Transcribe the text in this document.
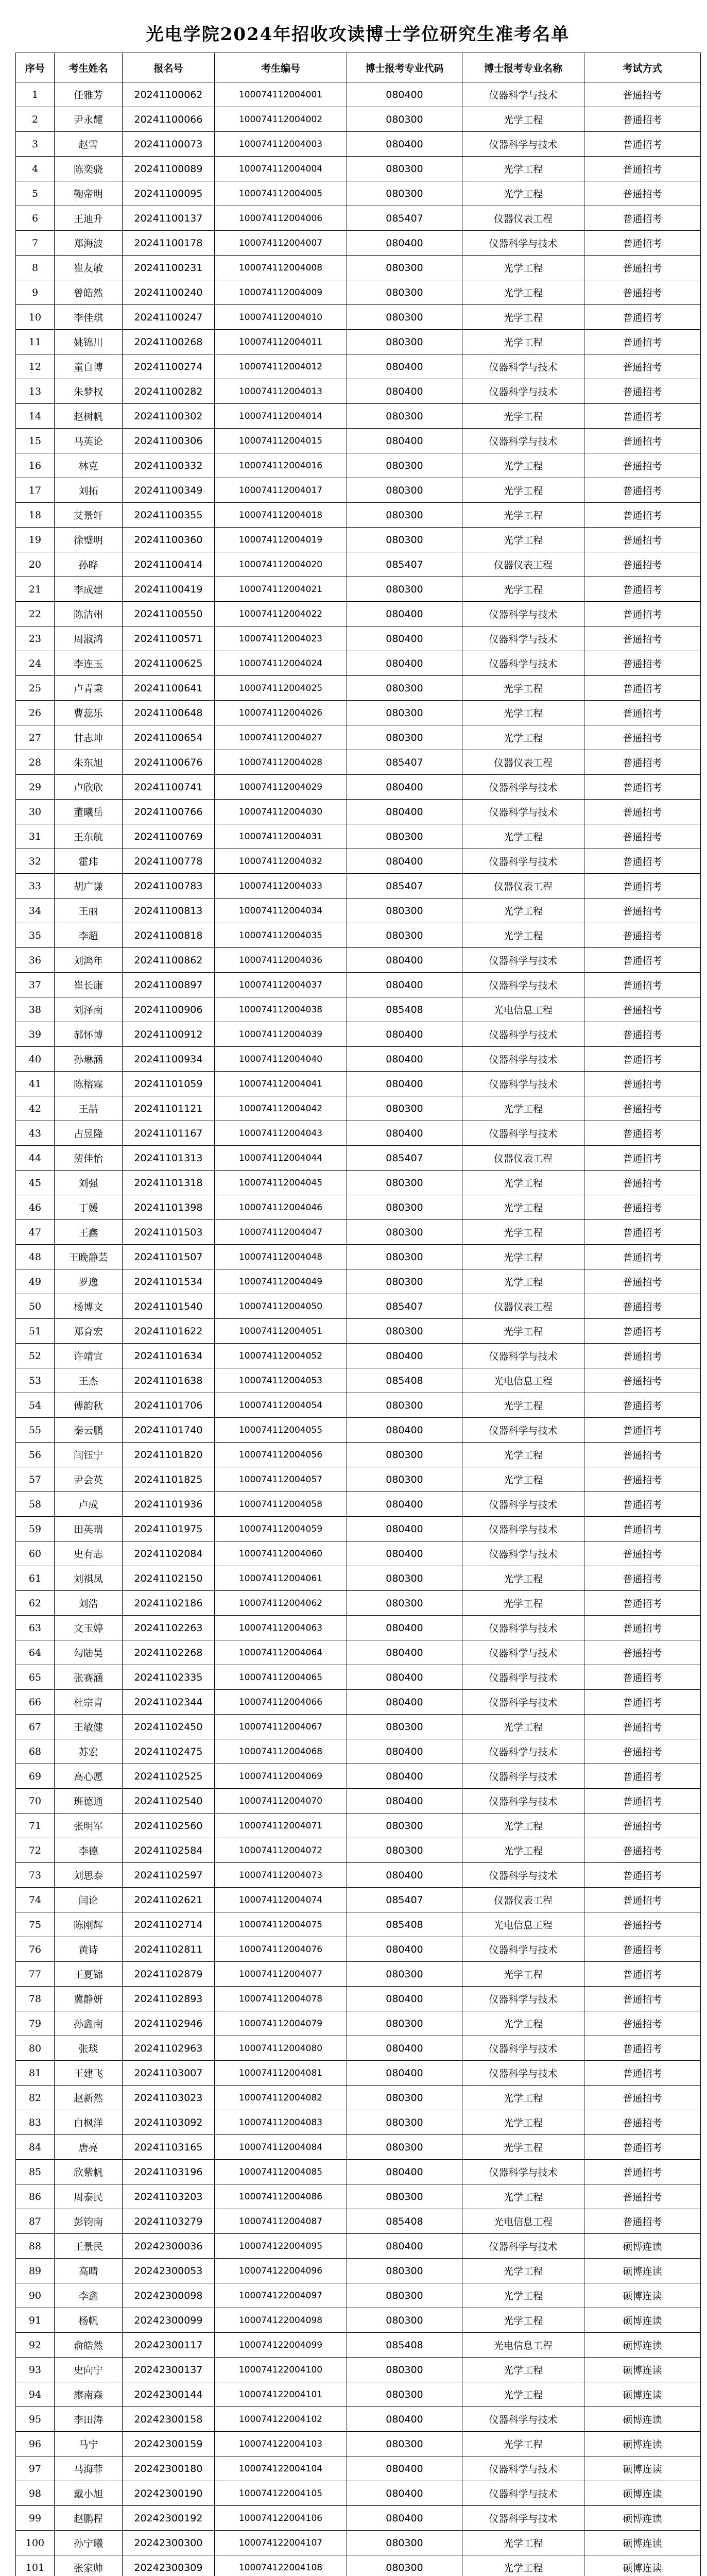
光电学院2024年招收攻读博士学位研究生准考名单
序号	考生姓名	报名号	考生编号	博士报考专业代码	博士报考专业名称	考试方式
1	任雅芳	20241100062	100074112004001	080400	仪器科学与技术	普通招考
2	尹永耀	20241100066	100074112004002	080300	光学工程	普通招考
3	赵雪	20241100073	100074112004003	080400	仪器科学与技术	普通招考
4	陈奕骁	20241100089	100074112004004	080300	光学工程	普通招考
5	鞠帝明	20241100095	100074112004005	080300	光学工程	普通招考
6	王迪升	20241100137	100074112004006	085407	仪器仪表工程	普通招考
7	郑海波	20241100178	100074112004007	080400	仪器科学与技术	普通招考
8	崔友敏	20241100231	100074112004008	080300	光学工程	普通招考
9	曾皓然	20241100240	100074112004009	080300	光学工程	普通招考
10	李佳琪	20241100247	100074112004010	080300	光学工程	普通招考
11	姚锦川	20241100268	100074112004011	080300	光学工程	普通招考
12	童自博	20241100274	100074112004012	080400	仪器科学与技术	普通招考
13	朱梦权	20241100282	100074112004013	080400	仪器科学与技术	普通招考
14	赵树帆	20241100302	100074112004014	080300	光学工程	普通招考
15	马英论	20241100306	100074112004015	080400	仪器科学与技术	普通招考
16	林克	20241100332	100074112004016	080300	光学工程	普通招考
17	刘拓	20241100349	100074112004017	080300	光学工程	普通招考
18	艾景轩	20241100355	100074112004018	080300	光学工程	普通招考
19	徐璧明	20241100360	100074112004019	080300	光学工程	普通招考
20	孙晔	20241100414	100074112004020	085407	仪器仪表工程	普通招考
21	李成建	20241100419	100074112004021	080300	光学工程	普通招考
22	陈洁州	20241100550	100074112004022	080400	仪器科学与技术	普通招考
23	周淑鸿	20241100571	100074112004023	080400	仪器科学与技术	普通招考
24	李连玉	20241100625	100074112004024	080400	仪器科学与技术	普通招考
25	卢青秉	20241100641	100074112004025	080300	光学工程	普通招考
26	曹蕊乐	20241100648	100074112004026	080300	光学工程	普通招考
27	甘志坤	20241100654	100074112004027	080300	光学工程	普通招考
28	朱东旭	20241100676	100074112004028	085407	仪器仪表工程	普通招考
29	卢欣欣	20241100741	100074112004029	080400	仪器科学与技术	普通招考
30	董曦岳	20241100766	100074112004030	080400	仪器科学与技术	普通招考
31	王东航	20241100769	100074112004031	080300	光学工程	普通招考
32	霍玮	20241100778	100074112004032	080400	仪器科学与技术	普通招考
33	胡广谦	20241100783	100074112004033	085407	仪器仪表工程	普通招考
34	王丽	20241100813	100074112004034	080300	光学工程	普通招考
35	李超	20241100818	100074112004035	080300	光学工程	普通招考
36	刘鸿年	20241100862	100074112004036	080400	仪器科学与技术	普通招考
37	崔长康	20241100897	100074112004037	080400	仪器科学与技术	普通招考
38	刘泽南	20241100906	100074112004038	085408	光电信息工程	普通招考
39	郝怀博	20241100912	100074112004039	080400	仪器科学与技术	普通招考
40	孙琳涵	20241100934	100074112004040	080400	仪器科学与技术	普通招考
41	陈榕霖	20241101059	100074112004041	080400	仪器科学与技术	普通招考
42	王喆	20241101121	100074112004042	080300	光学工程	普通招考
43	占昱隆	20241101167	100074112004043	080400	仪器科学与技术	普通招考
44	贺佳怡	20241101313	100074112004044	085407	仪器仪表工程	普通招考
45	刘强	20241101318	100074112004045	080300	光学工程	普通招考
46	丁媛	20241101398	100074112004046	080300	光学工程	普通招考
47	王鑫	20241101503	100074112004047	080300	光学工程	普通招考
48	王晚静芸	20241101507	100074112004048	080300	光学工程	普通招考
49	罗逸	20241101534	100074112004049	080300	光学工程	普通招考
50	杨博文	20241101540	100074112004050	085407	仪器仪表工程	普通招考
51	郑育宏	20241101622	100074112004051	080300	光学工程	普通招考
52	许靖宜	20241101634	100074112004052	080400	仪器科学与技术	普通招考
53	王杰	20241101638	100074112004053	085408	光电信息工程	普通招考
54	傅韵秋	20241101706	100074112004054	080300	光学工程	普通招考
55	秦云鹏	20241101740	100074112004055	080400	仪器科学与技术	普通招考
56	闫钰宁	20241101820	100074112004056	080300	光学工程	普通招考
57	尹会英	20241101825	100074112004057	080300	光学工程	普通招考
58	卢成	20241101936	100074112004058	080400	仪器科学与技术	普通招考
59	田英瑞	20241101975	100074112004059	080400	仪器科学与技术	普通招考
60	史有志	20241102084	100074112004060	080400	仪器科学与技术	普通招考
61	刘祺凤	20241102150	100074112004061	080300	光学工程	普通招考
62	刘浩	20241102186	100074112004062	080300	光学工程	普通招考
63	文玉婷	20241102263	100074112004063	080400	仪器科学与技术	普通招考
64	勾陆昊	20241102268	100074112004064	080400	仪器科学与技术	普通招考
65	张赛涵	20241102335	100074112004065	080400	仪器科学与技术	普通招考
66	杜宗青	20241102344	100074112004066	080400	仪器科学与技术	普通招考
67	王敏健	20241102450	100074112004067	080300	光学工程	普通招考
68	苏宏	20241102475	100074112004068	080400	仪器科学与技术	普通招考
69	高心愿	20241102525	100074112004069	080400	仪器科学与技术	普通招考
70	班德通	20241102540	100074112004070	080400	仪器科学与技术	普通招考
71	张明军	20241102560	100074112004071	080300	光学工程	普通招考
72	李德	20241102584	100074112004072	080300	光学工程	普通招考
73	刘思泰	20241102597	100074112004073	080400	仪器科学与技术	普通招考
74	闫论	20241102621	100074112004074	085407	仪器仪表工程	普通招考
75	陈刚辉	20241102714	100074112004075	085408	光电信息工程	普通招考
76	黄诗	20241102811	100074112004076	080400	仪器科学与技术	普通招考
77	王夏锦	20241102879	100074112004077	080300	光学工程	普通招考
78	冀静妍	20241102893	100074112004078	080400	仪器科学与技术	普通招考
79	孙鑫南	20241102946	100074112004079	080300	光学工程	普通招考
80	张琰	20241102963	100074112004080	080400	仪器科学与技术	普通招考
81	王建飞	20241103007	100074112004081	080400	仪器科学与技术	普通招考
82	赵新然	20241103023	100074112004082	080300	光学工程	普通招考
83	白枫洋	20241103092	100074112004083	080300	光学工程	普通招考
84	唐亮	20241103165	100074112004084	080300	光学工程	普通招考
85	欣紫帆	20241103196	100074112004085	080400	仪器科学与技术	普通招考
86	周泰民	20241103203	100074112004086	080300	光学工程	普通招考
87	彭钧南	20241103279	100074112004087	085408	光电信息工程	普通招考
88	王景民	20242300036	100074122004095	080400	仪器科学与技术	硕博连读
89	高晴	20242300053	100074122004096	080300	光学工程	硕博连读
90	李鑫	20242300098	100074122004097	080300	光学工程	硕博连读
91	杨帆	20242300099	100074122004098	080300	光学工程	硕博连读
92	俞皓然	20242300117	100074122004099	085408	光电信息工程	硕博连读
93	史向宁	20242300137	100074122004100	080300	光学工程	硕博连读
94	廖南森	20242300144	100074122004101	080300	光学工程	硕博连读
95	李田涛	20242300158	100074122004102	080400	仪器科学与技术	硕博连读
96	马宁	20242300159	100074122004103	080300	光学工程	硕博连读
97	马海菲	20242300180	100074122004104	080400	仪器科学与技术	硕博连读
98	戴小旭	20242300190	100074122004105	080400	仪器科学与技术	硕博连读
99	赵鹏程	20242300192	100074122004106	080400	仪器科学与技术	硕博连读
100	孙宁曦	20242300300	100074122004107	080300	光学工程	硕博连读
101	张家帅	20242300309	100074122004108	080300	光学工程	硕博连读
